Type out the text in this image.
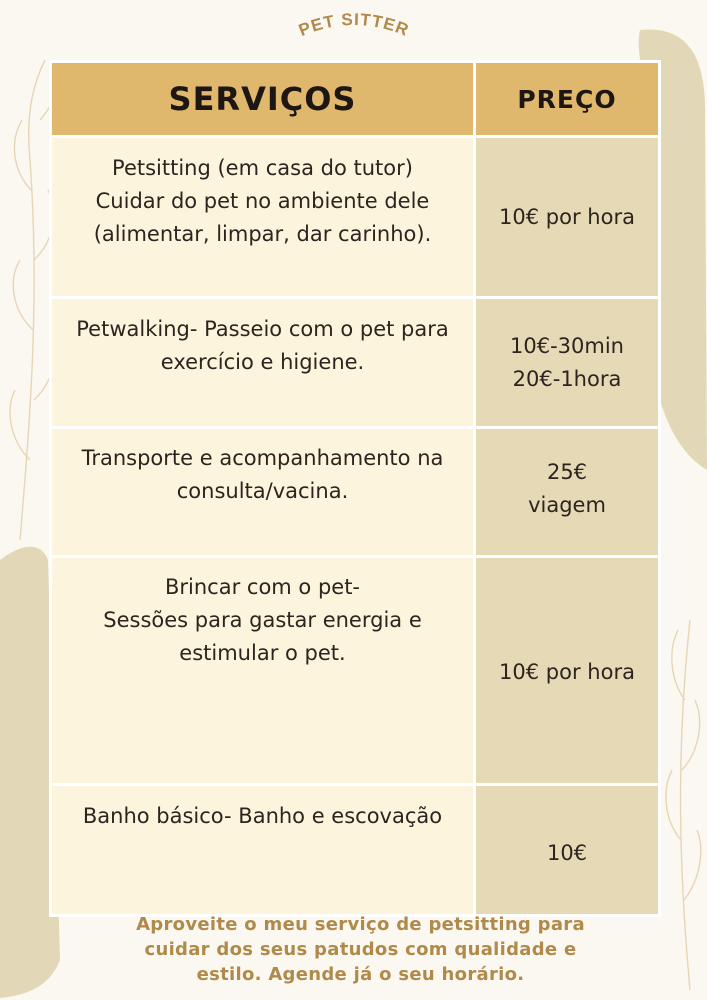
PET SITTER
SERVIÇOS	PREÇO

Petsitting (em casa do tutor)
Cuidar do pet no ambiente dele
(alimentar, limpar, dar carinho).	10€ por hora

Petwalking- Passeio com o pet para
exercício e higiene.	10€-30min
20€-1hora

Transporte e acompanhamento na
consulta/vacina.	25€
viagem

Brincar com o pet-
Sessões para gastar energia e
estimular o pet.	10€ por hora

Banho básico- Banho e escovação	10€
Aproveite o meu serviço de petsitting para
cuidar dos seus patudos com qualidade e
estilo. Agende já o seu horário.
